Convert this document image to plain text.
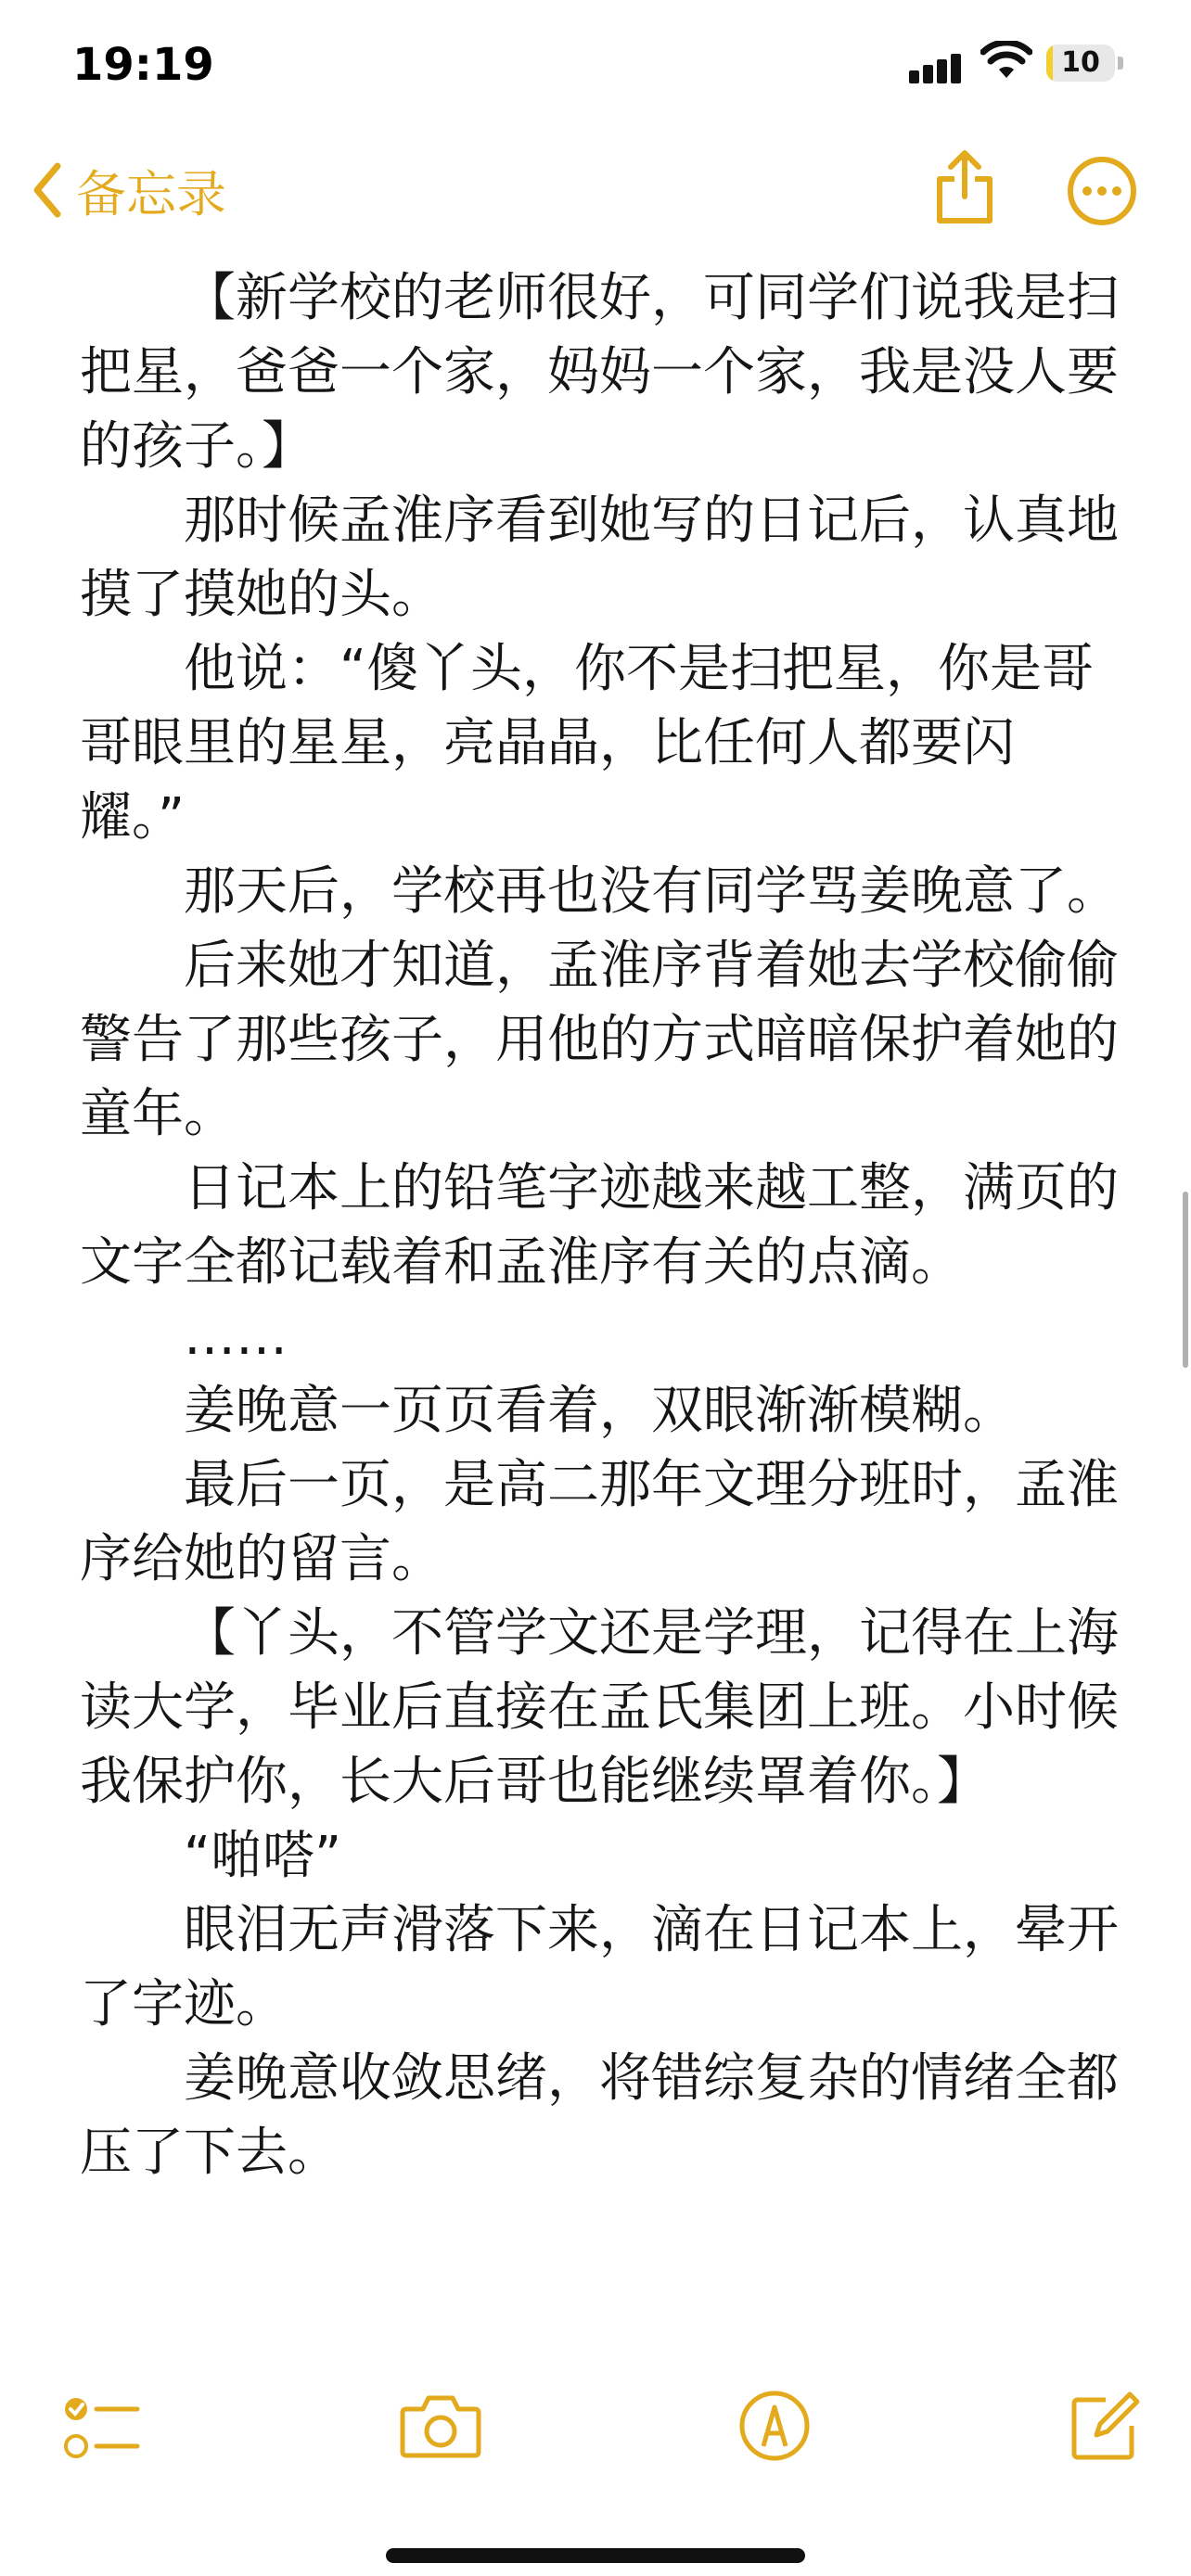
19:19	10
备忘录

【新学校的老师很好，可同学们说我是扫把星，爸爸一个家，妈妈一个家，我是没人要的孩子。】

那时候孟淮序看到她写的日记后，认真地摸了摸她的头。

他说：“傻丫头，你不是扫把星，你是哥哥眼里的星星，亮晶晶，比任何人都要闪耀。”

那天后，学校再也没有同学骂姜晚意了。

后来她才知道，孟淮序背着她去学校偷偷警告了那些孩子，用他的方式暗暗保护着她的童年。

日记本上的铅笔字迹越来越工整，满页的文字全都记载着和孟淮序有关的点滴。

……

姜晚意一页页看着，双眼渐渐模糊。

最后一页，是高二那年文理分班时，孟淮序给她的留言。

【丫头，不管学文还是学理，记得在上海读大学，毕业后直接在孟氏集团上班。小时候我保护你，长大后哥也能继续罩着你。】

“啪嗒”

眼泪无声滑落下来，滴在日记本上，晕开了字迹。

姜晚意收敛思绪，将错综复杂的情绪全都压了下去。
